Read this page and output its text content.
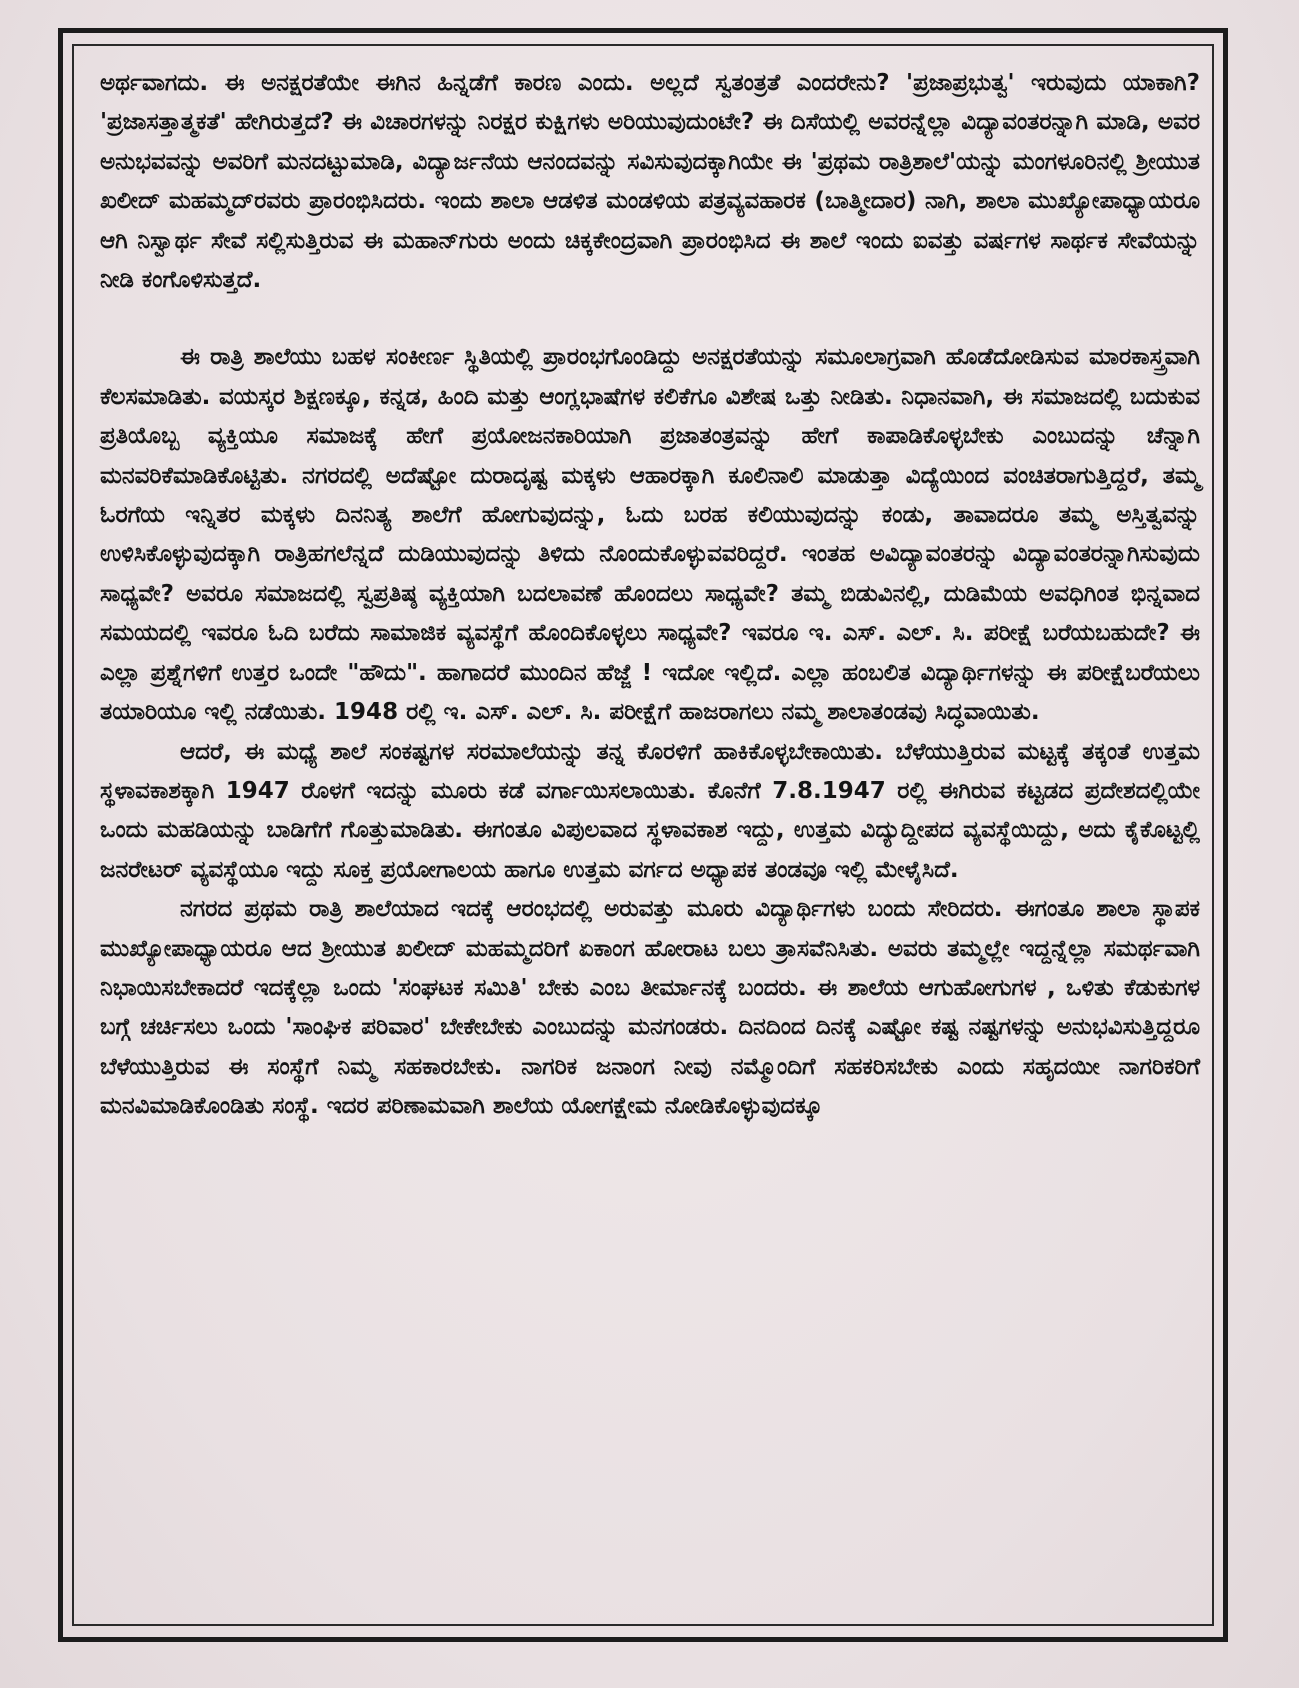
ಅರ್ಥವಾಗದು. ಈ ಅನಕ್ಷರತೆಯೇ ಈಗಿನ ಹಿನ್ನಡೆಗೆ ಕಾರಣ ಎಂದು. ಅಲ್ಲದೆ ಸ್ವತಂತ್ರತೆ ಎಂದರೇನು? 'ಪ್ರಜಾಪ್ರಭುತ್ವ' ಇರುವುದು ಯಾಕಾಗಿ? 'ಪ್ರಜಾಸತ್ತಾತ್ಮಕತೆ' ಹೇಗಿರುತ್ತದೆ? ಈ ವಿಚಾರಗಳನ್ನು ನಿರಕ್ಷರ ಕುಕ್ಷಿಗಳು ಅರಿಯುವುದುಂಟೇ? ಈ ದಿಸೆಯಲ್ಲಿ ಅವರನ್ನೆಲ್ಲಾ ವಿದ್ಯಾವಂತರನ್ನಾಗಿ ಮಾಡಿ, ಅವರ ಅನುಭವವನ್ನು ಅವರಿಗೆ ಮನದಟ್ಟುಮಾಡಿ, ವಿದ್ಯಾರ್ಜನೆಯ ಆನಂದವನ್ನು ಸವಿಸುವುದಕ್ಕಾಗಿಯೇ ಈ 'ಪ್ರಥಮ ರಾತ್ರಿಶಾಲೆ'ಯನ್ನು ಮಂಗಳೂರಿನಲ್ಲಿ ಶ್ರೀಯುತ ಖಲೀದ್ ಮಹಮ್ಮದ್‌ರವರು ಪ್ರಾರಂಭಿಸಿದರು. ಇಂದು ಶಾಲಾ ಆಡಳಿತ ಮಂಡಳಿಯ ಪತ್ರವ್ಯವಹಾರಕ (ಬಾತ್ಮೀದಾರ) ನಾಗಿ, ಶಾಲಾ ಮುಖ್ಯೋಪಾಧ್ಯಾಯರೂ ಆಗಿ ನಿಸ್ವಾರ್ಥ ಸೇವೆ ಸಲ್ಲಿಸುತ್ತಿರುವ ಈ ಮಹಾನ್‌ಗುರು ಅಂದು ಚಿಕ್ಕಕೇಂದ್ರವಾಗಿ ಪ್ರಾರಂಭಿಸಿದ ಈ ಶಾಲೆ ಇಂದು ಐವತ್ತು ವರ್ಷಗಳ ಸಾರ್ಥಕ ಸೇವೆಯನ್ನು ನೀಡಿ ಕಂಗೊಳಿಸುತ್ತದೆ.

ಈ ರಾತ್ರಿ ಶಾಲೆಯು ಬಹಳ ಸಂಕೀರ್ಣ ಸ್ಥಿತಿಯಲ್ಲಿ ಪ್ರಾರಂಭಗೊಂಡಿದ್ದು ಅನಕ್ಷರತೆಯನ್ನು ಸಮೂಲಾಗ್ರವಾಗಿ ಹೊಡೆದೋಡಿಸುವ ಮಾರಕಾಸ್ತ್ರವಾಗಿ ಕೆಲಸಮಾಡಿತು. ವಯಸ್ಕರ ಶಿಕ್ಷಣಕ್ಕೂ, ಕನ್ನಡ, ಹಿಂದಿ ಮತ್ತು ಆಂಗ್ಲಭಾಷೆಗಳ ಕಲಿಕೆಗೂ ವಿಶೇಷ ಒತ್ತು ನೀಡಿತು. ನಿಧಾನವಾಗಿ, ಈ ಸಮಾಜದಲ್ಲಿ ಬದುಕುವ ಪ್ರತಿಯೊಬ್ಬ ವ್ಯಕ್ತಿಯೂ ಸಮಾಜಕ್ಕೆ ಹೇಗೆ ಪ್ರಯೋಜನಕಾರಿಯಾಗಿ ಪ್ರಜಾತಂತ್ರವನ್ನು ಹೇಗೆ ಕಾಪಾಡಿಕೊಳ್ಳಬೇಕು ಎಂಬುದನ್ನು ಚೆನ್ನಾಗಿ ಮನವರಿಕೆಮಾಡಿಕೊಟ್ಟಿತು. ನಗರದಲ್ಲಿ ಅದೆಷ್ಟೋ ದುರಾದೃಷ್ಟ ಮಕ್ಕಳು ಆಹಾರಕ್ಕಾಗಿ ಕೂಲಿನಾಲಿ ಮಾಡುತ್ತಾ ವಿದ್ಯೆಯಿಂದ ವಂಚಿತರಾಗುತ್ತಿದ್ದರೆ, ತಮ್ಮ ಓರಗೆಯ ಇನ್ನಿತರ ಮಕ್ಕಳು ದಿನನಿತ್ಯ ಶಾಲೆಗೆ ಹೋಗುವುದನ್ನು, ಓದು ಬರಹ ಕಲಿಯುವುದನ್ನು ಕಂಡು, ತಾವಾದರೂ ತಮ್ಮ ಅಸ್ತಿತ್ವವನ್ನು ಉಳಿಸಿಕೊಳ್ಳುವುದಕ್ಕಾಗಿ ರಾತ್ರಿಹಗಲೆನ್ನದೆ ದುಡಿಯುವುದನ್ನು ತಿಳಿದು ನೊಂದುಕೊಳ್ಳುವವರಿದ್ದರೆ. ಇಂತಹ ಅವಿದ್ಯಾವಂತರನ್ನು ವಿದ್ಯಾವಂತರನ್ನಾಗಿಸುವುದು ಸಾಧ್ಯವೇ? ಅವರೂ ಸಮಾಜದಲ್ಲಿ ಸ್ವಪ್ರತಿಷ್ಠ ವ್ಯಕ್ತಿಯಾಗಿ ಬದಲಾವಣೆ ಹೊಂದಲು ಸಾಧ್ಯವೇ? ತಮ್ಮ ಬಿಡುವಿನಲ್ಲಿ, ದುಡಿಮೆಯ ಅವಧಿಗಿಂತ ಭಿನ್ನವಾದ ಸಮಯದಲ್ಲಿ ಇವರೂ ಓದಿ ಬರೆದು ಸಾಮಾಜಿಕ ವ್ಯವಸ್ಥೆಗೆ ಹೊಂದಿಕೊಳ್ಳಲು ಸಾಧ್ಯವೇ? ಇವರೂ ಇ. ಎಸ್. ಎಲ್. ಸಿ. ಪರೀಕ್ಷೆ ಬರೆಯಬಹುದೇ? ಈ ಎಲ್ಲಾ ಪ್ರಶ್ನೆಗಳಿಗೆ ಉತ್ತರ ಒಂದೇ "ಹೌದು". ಹಾಗಾದರೆ ಮುಂದಿನ ಹೆಜ್ಜೆ ! ಇದೋ ಇಲ್ಲಿದೆ. ಎಲ್ಲಾ ಹಂಬಲಿತ ವಿದ್ಯಾರ್ಥಿಗಳನ್ನು ಈ ಪರೀಕ್ಷೆಬರೆಯಲು ತಯಾರಿಯೂ ಇಲ್ಲಿ ನಡೆಯಿತು. 1948 ರಲ್ಲಿ ಇ. ಎಸ್. ಎಲ್. ಸಿ. ಪರೀಕ್ಷೆಗೆ ಹಾಜರಾಗಲು ನಮ್ಮ ಶಾಲಾತಂಡವು ಸಿದ್ಧವಾಯಿತು.

ಆದರೆ, ಈ ಮಧ್ಯೆ ಶಾಲೆ ಸಂಕಷ್ಟಗಳ ಸರಮಾಲೆಯನ್ನು ತನ್ನ ಕೊರಳಿಗೆ ಹಾಕಿಕೊಳ್ಳಬೇಕಾಯಿತು. ಬೆಳೆಯುತ್ತಿರುವ ಮಟ್ಟಕ್ಕೆ ತಕ್ಕಂತೆ ಉತ್ತಮ ಸ್ಥಳಾವಕಾಶಕ್ಕಾಗಿ 1947 ರೊಳಗೆ ಇದನ್ನು ಮೂರು ಕಡೆ ವರ್ಗಾಯಿಸಲಾಯಿತು. ಕೊನೆಗೆ 7.8.1947 ರಲ್ಲಿ ಈಗಿರುವ ಕಟ್ಟಡದ ಪ್ರದೇಶದಲ್ಲಿಯೇ ಒಂದು ಮಹಡಿಯನ್ನು ಬಾಡಿಗೆಗೆ ಗೊತ್ತುಮಾಡಿತು. ಈಗಂತೂ ವಿಪುಲವಾದ ಸ್ಥಳಾವಕಾಶ ಇದ್ದು, ಉತ್ತಮ ವಿದ್ಯುದ್ದೀಪದ ವ್ಯವಸ್ಥೆಯಿದ್ದು, ಅದು ಕೈಕೊಟ್ಟಲ್ಲಿ ಜನರೇಟರ್ ವ್ಯವಸ್ಥೆಯೂ ಇದ್ದು ಸೂಕ್ತ ಪ್ರಯೋಗಾಲಯ ಹಾಗೂ ಉತ್ತಮ ವರ್ಗದ ಅಧ್ಯಾಪಕ ತಂಡವೂ ಇಲ್ಲಿ ಮೇಳೈಸಿದೆ.

ನಗರದ ಪ್ರಥಮ ರಾತ್ರಿ ಶಾಲೆಯಾದ ಇದಕ್ಕೆ ಆರಂಭದಲ್ಲಿ ಅರುವತ್ತು ಮೂರು ವಿದ್ಯಾರ್ಥಿಗಳು ಬಂದು ಸೇರಿದರು. ಈಗಂತೂ ಶಾಲಾ ಸ್ಥಾಪಕ ಮುಖ್ಯೋಪಾಧ್ಯಾಯರೂ ಆದ ಶ್ರೀಯುತ ಖಲೀದ್ ಮಹಮ್ಮದರಿಗೆ ಏಕಾಂಗ ಹೋರಾಟ ಬಲು ತ್ರಾಸವೆನಿಸಿತು. ಅವರು ತಮ್ಮಲ್ಲೇ ಇದ್ದನ್ನೆಲ್ಲಾ ಸಮರ್ಥವಾಗಿ ನಿಭಾಯಿಸಬೇಕಾದರೆ ಇದಕ್ಕೆಲ್ಲಾ ಒಂದು 'ಸಂಘಟಕ ಸಮಿತಿ' ಬೇಕು ಎಂಬ ತೀರ್ಮಾನಕ್ಕೆ ಬಂದರು. ಈ ಶಾಲೆಯ ಆಗುಹೋಗುಗಳ , ಒಳಿತು ಕೆಡುಕುಗಳ ಬಗ್ಗೆ ಚರ್ಚಿಸಲು ಒಂದು 'ಸಾಂಘಿಕ ಪರಿವಾರ' ಬೇಕೇಬೇಕು ಎಂಬುದನ್ನು ಮನಗಂಡರು. ದಿನದಿಂದ ದಿನಕ್ಕೆ ಎಷ್ಟೋ ಕಷ್ಟ ನಷ್ಟಗಳನ್ನು ಅನುಭವಿಸುತ್ತಿದ್ದರೂ ಬೆಳೆಯುತ್ತಿರುವ ಈ ಸಂಸ್ಥೆಗೆ ನಿಮ್ಮ ಸಹಕಾರಬೇಕು. ನಾಗರಿಕ ಜನಾಂಗ ನೀವು ನಮ್ಮೊಂದಿಗೆ ಸಹಕರಿಸಬೇಕು ಎಂದು ಸಹೃದಯೀ ನಾಗರಿಕರಿಗೆ ಮನವಿಮಾಡಿಕೊಂಡಿತು ಸಂಸ್ಥೆ. ಇದರ ಪರಿಣಾಮವಾಗಿ ಶಾಲೆಯ ಯೋಗಕ್ಷೇಮ ನೋಡಿಕೊಳ್ಳುವುದಕ್ಕೂ
